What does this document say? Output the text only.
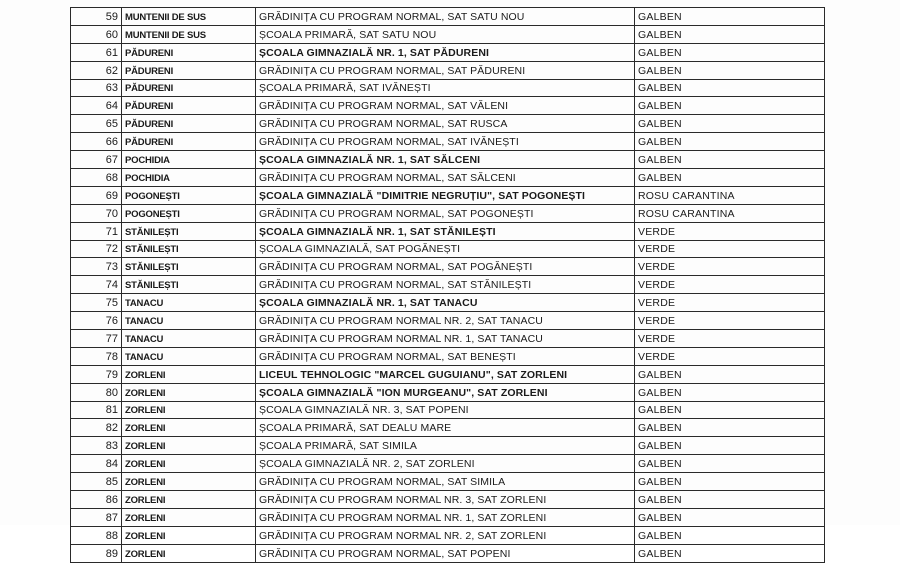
59	MUNTENII DE SUS	GRĂDINIȚA CU PROGRAM NORMAL, SAT SATU NOU	GALBEN
60	MUNTENII DE SUS	ȘCOALA PRIMARĂ, SAT SATU NOU	GALBEN
61	PĂDURENI	ȘCOALA GIMNAZIALĂ NR. 1, SAT PĂDURENI	GALBEN
62	PĂDURENI	GRĂDINIȚA CU PROGRAM NORMAL, SAT PĂDURENI	GALBEN
63	PĂDURENI	ȘCOALA PRIMARĂ, SAT IVĂNEȘTI	GALBEN
64	PĂDURENI	GRĂDINIȚA CU PROGRAM NORMAL, SAT VĂLENI	GALBEN
65	PĂDURENI	GRĂDINIȚA CU PROGRAM NORMAL, SAT RUSCA	GALBEN
66	PĂDURENI	GRĂDINIȚA CU PROGRAM NORMAL, SAT IVĂNEȘTI	GALBEN
67	POCHIDIA	ȘCOALA GIMNAZIALĂ NR. 1, SAT SĂLCENI	GALBEN
68	POCHIDIA	GRĂDINIȚA CU PROGRAM NORMAL, SAT SĂLCENI	GALBEN
69	POGONEȘTI	ȘCOALA GIMNAZIALĂ "DIMITRIE NEGRUȚIU", SAT POGONEȘTI	ROSU CARANTINA
70	POGONEȘTI	GRĂDINIȚA CU PROGRAM NORMAL, SAT POGONEȘTI	ROSU CARANTINA
71	STĂNILEȘTI	ȘCOALA GIMNAZIALĂ NR. 1, SAT STĂNILEȘTI	VERDE
72	STĂNILEȘTI	ȘCOALA GIMNAZIALĂ, SAT POGĂNEȘTI	VERDE
73	STĂNILEȘTI	GRĂDINIȚA CU PROGRAM NORMAL, SAT POGĂNEȘTI	VERDE
74	STĂNILEȘTI	GRĂDINIȚA CU PROGRAM NORMAL, SAT STĂNILEȘTI	VERDE
75	TANACU	ȘCOALA GIMNAZIALĂ NR. 1, SAT TANACU	VERDE
76	TANACU	GRĂDINIȚA CU PROGRAM NORMAL NR. 2, SAT TANACU	VERDE
77	TANACU	GRĂDINIȚA CU PROGRAM NORMAL NR. 1, SAT TANACU	VERDE
78	TANACU	GRĂDINIȚA CU PROGRAM NORMAL, SAT BENEȘTI	VERDE
79	ZORLENI	LICEUL TEHNOLOGIC "MARCEL GUGUIANU", SAT ZORLENI	GALBEN
80	ZORLENI	ȘCOALA GIMNAZIALĂ "ION MURGEANU", SAT ZORLENI	GALBEN
81	ZORLENI	ȘCOALA GIMNAZIALĂ NR. 3, SAT POPENI	GALBEN
82	ZORLENI	ȘCOALA PRIMARĂ, SAT DEALU MARE	GALBEN
83	ZORLENI	ȘCOALA PRIMARĂ, SAT SIMILA	GALBEN
84	ZORLENI	ȘCOALA GIMNAZIALĂ NR. 2, SAT ZORLENI	GALBEN
85	ZORLENI	GRĂDINIȚA CU PROGRAM NORMAL, SAT SIMILA	GALBEN
86	ZORLENI	GRĂDINIȚA CU PROGRAM NORMAL NR. 3, SAT ZORLENI	GALBEN
87	ZORLENI	GRĂDINIȚA CU PROGRAM NORMAL NR. 1, SAT ZORLENI	GALBEN
88	ZORLENI	GRĂDINIȚA CU PROGRAM NORMAL NR. 2, SAT ZORLENI	GALBEN
89	ZORLENI	GRĂDINIȚA CU PROGRAM NORMAL, SAT POPENI	GALBEN
